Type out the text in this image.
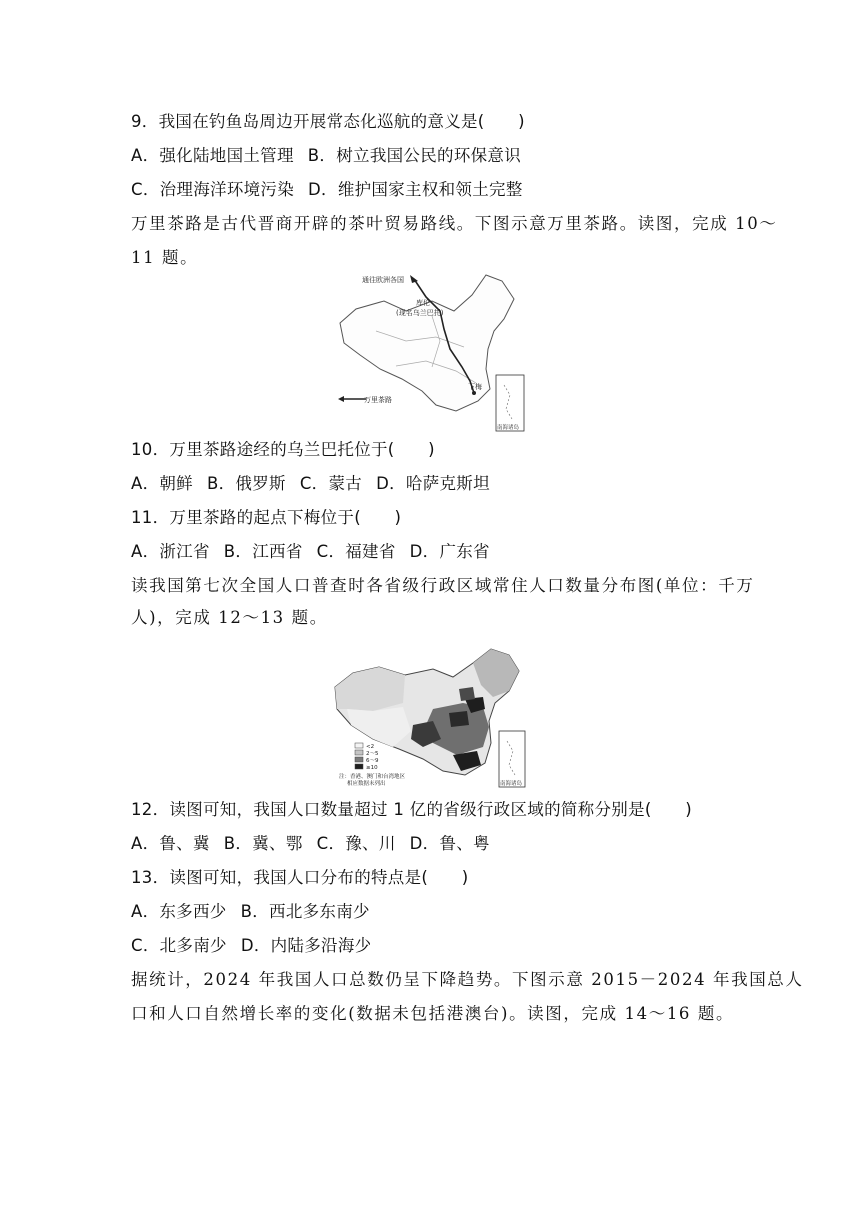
9．我国在钓鱼岛周边开展常态化巡航的意义是(　　)
A．强化陆地国土管理 B．树立我国公民的环保意识
C．治理海洋环境污染 D．维护国家主权和领土完整
万里茶路是古代晋商开辟的茶叶贸易路线。下图示意万里茶路。读图，完成 10～
11 题。
通往欧洲各国
库伦
(现名乌兰巴托)
下梅
万里茶路
南海诸岛
10．万里茶路途经的乌兰巴托位于(　　)
A．朝鲜 B．俄罗斯 C．蒙古 D．哈萨克斯坦
11．万里茶路的起点下梅位于(　　)
A．浙江省 B．江西省 C．福建省 D．广东省
读我国第七次全国人口普查时各省级行政区域常住人口数量分布图(单位：千万
人)，完成 12～13 题。
<2
2～5
6～9
≥10
注：香港、澳门和台湾地区
相应数据未列出	南海诸岛
12．读图可知，我国人口数量超过 1 亿的省级行政区域的简称分别是(　　)
A．鲁、冀 B．冀、鄂 C．豫、川 D．鲁、粤
13．读图可知，我国人口分布的特点是(　　)
A．东多西少 B．西北多东南少
C．北多南少 D．内陆多沿海少
据统计，2024 年我国人口总数仍呈下降趋势。下图示意 2015－2024 年我国总人
口和人口自然增长率的变化(数据未包括港澳台)。读图，完成 14～16 题。
